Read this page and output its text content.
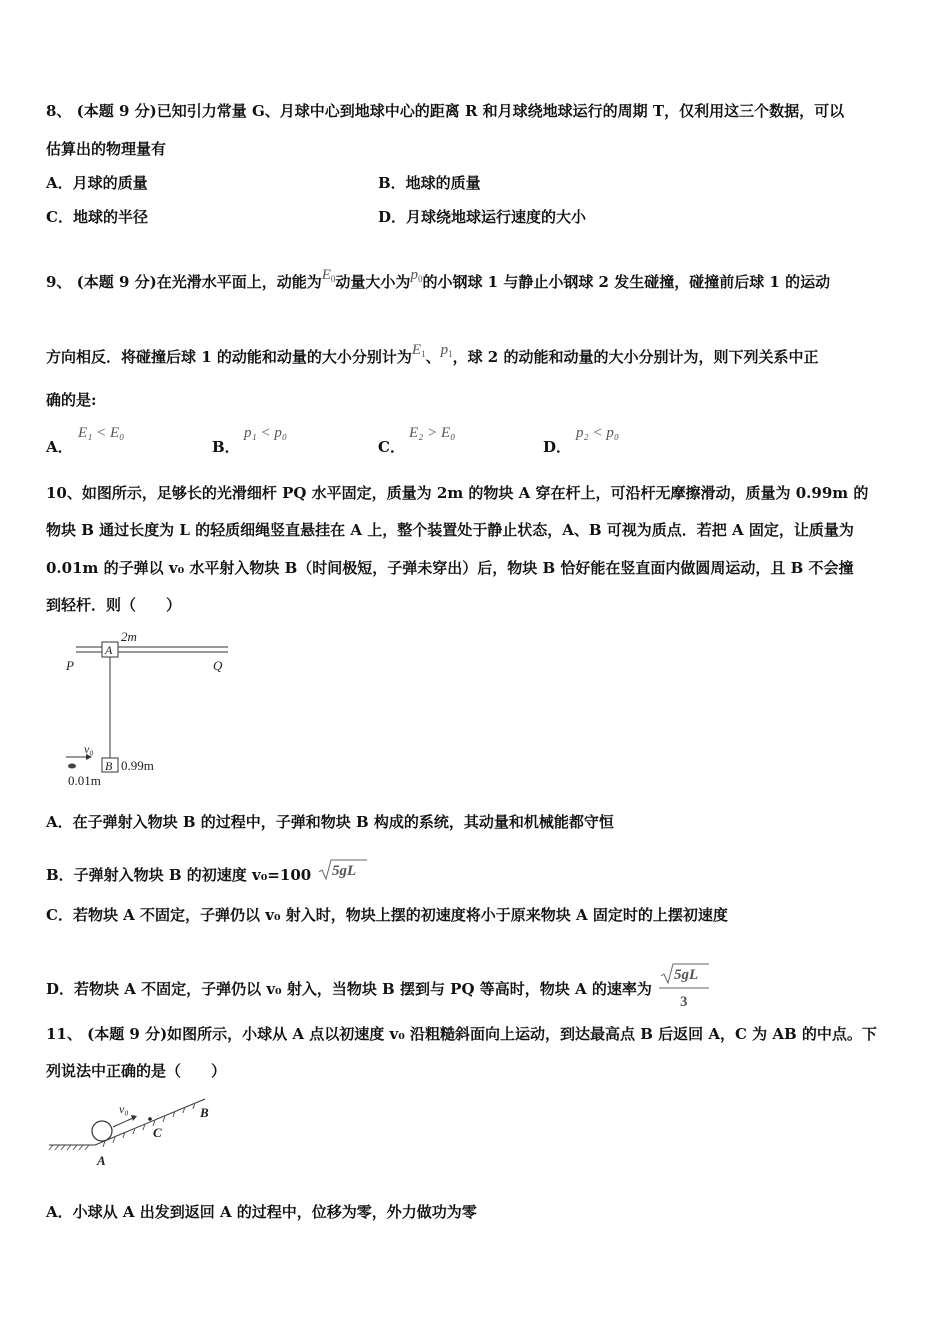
8、 (本题 9 分)已知引力常量 G、月球中心到地球中心的距离 R 和月球绕地球运行的周期 T，仅利用这三个数据，可以
估算出的物理量有
A．月球的质量	B．地球的质量
C．地球的半径	D．月球绕地球运行速度的大小
9、 (本题 9 分)在光滑水平面上，动能为$E_0$动量大小为$p_0$的小钢球 1 与静止小钢球 2 发生碰撞，碰撞前后球 1 的运动
方向相反．将碰撞后球 1 的动能和动量的大小分别计为$E_1$、$p_1$，球 2 的动能和动量的大小分别计为，则下列关系中正
确的是:
A．
E₁ < E₀
B．
p₁ < p₀
C．
E₂ > E₀
D．
p₂ < p₀
10、如图所示，足够长的光滑细杆 PQ 水平固定，质量为 2m 的物块 A 穿在杆上，可沿杆无摩擦滑动，质量为 0.99m 的
物块 B 通过长度为 L 的轻质细绳竖直悬挂在 A 上，整个装置处于静止状态，A、B 可视为质点．若把 A 固定，让质量为
0.01m 的子弹以 v₀ 水平射入物块 B（时间极短，子弹未穿出）后，物块 B 恰好能在竖直面内做圆周运动，且 B 不会撞
到轻杆．则（　　）
A
2m
P	Q
B 0.99m
v₀
0.01m
A．在子弹射入物块 B 的过程中，子弹和物块 B 构成的系统，其动量和机械能都守恒
B．子弹射入物块 B 的初速度 v₀=100 5gL
C．若物块 A 不固定，子弹仍以 v₀ 射入时，物块上摆的初速度将小于原来物块 A 固定时的上摆初速度
D．若物块 A 不固定，子弹仍以 v₀ 射入，当物块 B 摆到与 PQ 等高时，物块 A 的速率为
5gL
3
11、 (本题 9 分)如图所示，小球从 A 点以初速度 v₀ 沿粗糙斜面向上运动，到达最高点 B 后返回 A，C 为 AB 的中点。下
列说法中正确的是（　　）
v₀
C
B
A
A．小球从 A 出发到返回 A 的过程中，位移为零，外力做功为零
